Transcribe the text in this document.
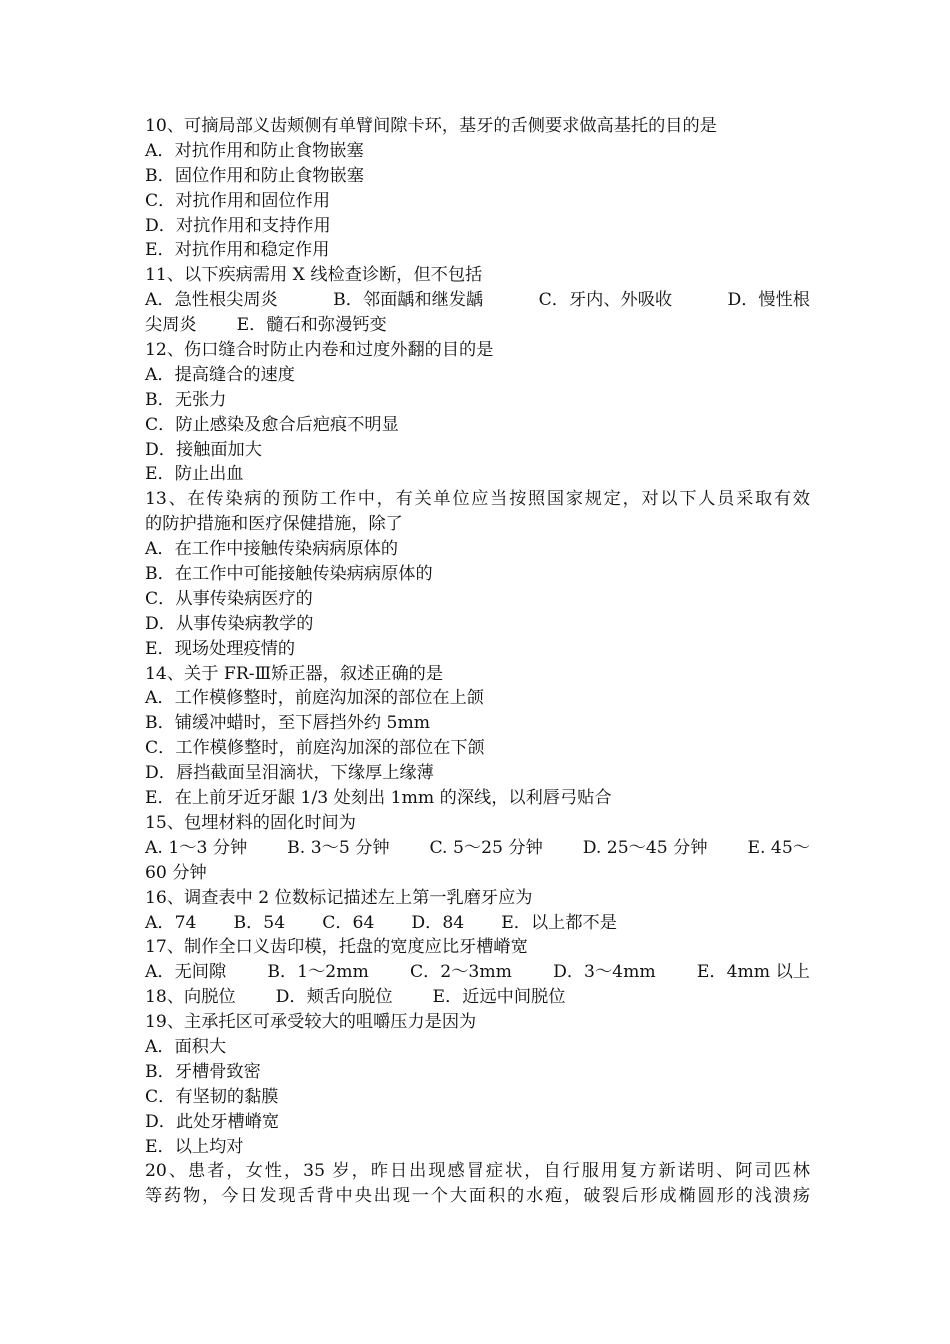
10、可摘局部义齿颊侧有单臂间隙卡环，基牙的舌侧要求做高基托的目的是
A．对抗作用和防止食物嵌塞
B．固位作用和防止食物嵌塞
C．对抗作用和固位作用
D．对抗作用和支持作用
E．对抗作用和稳定作用
11、以下疾病需用 X 线检查诊断，但不包括
A．急性根尖周炎	B．邻面龋和继发龋	C．牙内、外吸收	D．慢性根
尖周炎 E．髓石和弥漫钙变
12、伤口缝合时防止内卷和过度外翻的目的是
A．提高缝合的速度
B．无张力
C．防止感染及愈合后疤痕不明显
D．接触面加大
E．防止出血
13、在传染病的预防工作中，有关单位应当按照国家规定，对以下人员采取有效
的防护措施和医疗保健措施，除了
A．在工作中接触传染病病原体的
B．在工作中可能接触传染病病原体的
C．从事传染病医疗的
D．从事传染病教学的
E．现场处理疫情的
14、关于 FR-Ⅲ矫正器，叙述正确的是
A．工作模修整时，前庭沟加深的部位在上颌
B．铺缓冲蜡时，至下唇挡外约 5mm
C．工作模修整时，前庭沟加深的部位在下颌
D．唇挡截面呈泪滴状，下缘厚上缘薄
E．在上前牙近牙龈 1/3 处刻出 1mm 的深线，以利唇弓贴合
15、包埋材料的固化时间为
A. 1～3 分钟 B. 3～5 分钟 C. 5～25 分钟 D. 25～45 分钟 E. 45～
60 分钟
16、调查表中 2 位数标记描述左上第一乳磨牙应为
A．74 B．54 C．64 D．84 E．以上都不是
17、制作全口义齿印模，托盘的宽度应比牙槽嵴宽
A．无间隙 B．1～2mm C．2～3mm D．3～4mm E．4mm 以上
18、向脱位 D．颊舌向脱位 E．近远中间脱位
19、主承托区可承受较大的咀嚼压力是因为
A．面积大
B．牙槽骨致密
C．有坚韧的黏膜
D．此处牙槽嵴宽
E．以上均对
20、患者，女性，35 岁，昨日出现感冒症状，自行服用复方新诺明、阿司匹林
等药物，今日发现舌背中央出现一个大面积的水疱，破裂后形成椭圆形的浅溃疡
